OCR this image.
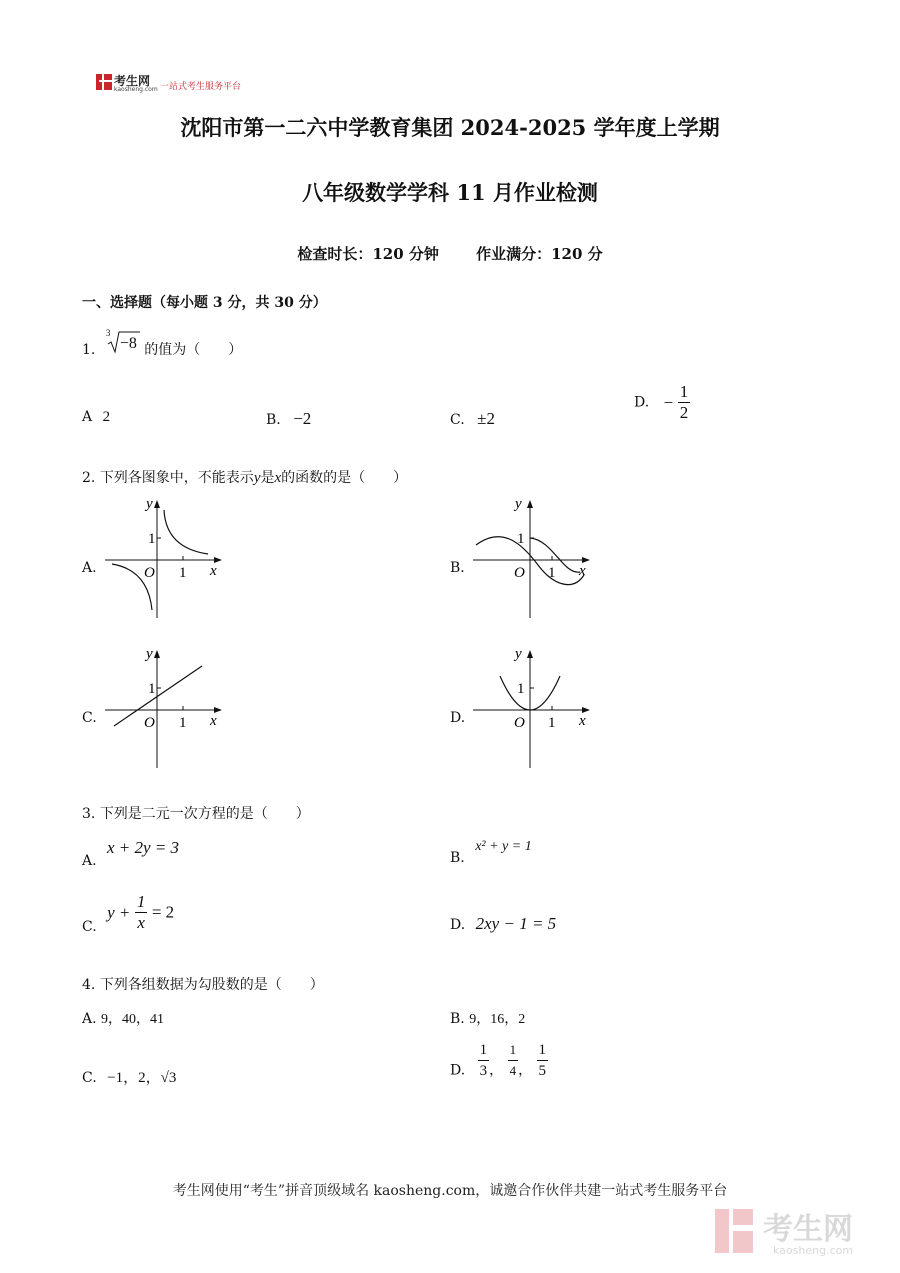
考生网
kaosheng.com 一站式考生服务平台
沈阳市第一二六中学教育集团 2024-2025 学年度上学期
八年级数学学科 11 月作业检测
检查时长：120 分钟 作业满分：120 分
一、选择题（每小题 3 分，共 30 分）
1.
3
−8 的值为（　　）
A 2	B. −2	C. ±2
D. − $\frac{1}{2}$
2. 下列各图象中，不能表示y是x的函数的是（　　）
A.	B.
C.	D.
y
1
O 1 x
y
1
O 1 x
y
1
O 1 x
y
1
O 1 x
3. 下列是二元一次方程的是（　　）
A. x + 2y = 3
B. x² + y = 1
C. $y + \frac{1}{x} = 2$
D. 2xy − 1 = 5
4. 下列各组数据为勾股数的是（　　）
A. 9，40，41	B. 9，16，2
C. −1，2，√3	D. $\frac{1}{3}$ ， $\frac{1}{4}$ ， $\frac{1}{5}$
考生网使用“考生”拼音顶级域名 kaosheng.com，诚邀合作伙伴共建一站式考生服务平台
考生网
kaosheng.com
